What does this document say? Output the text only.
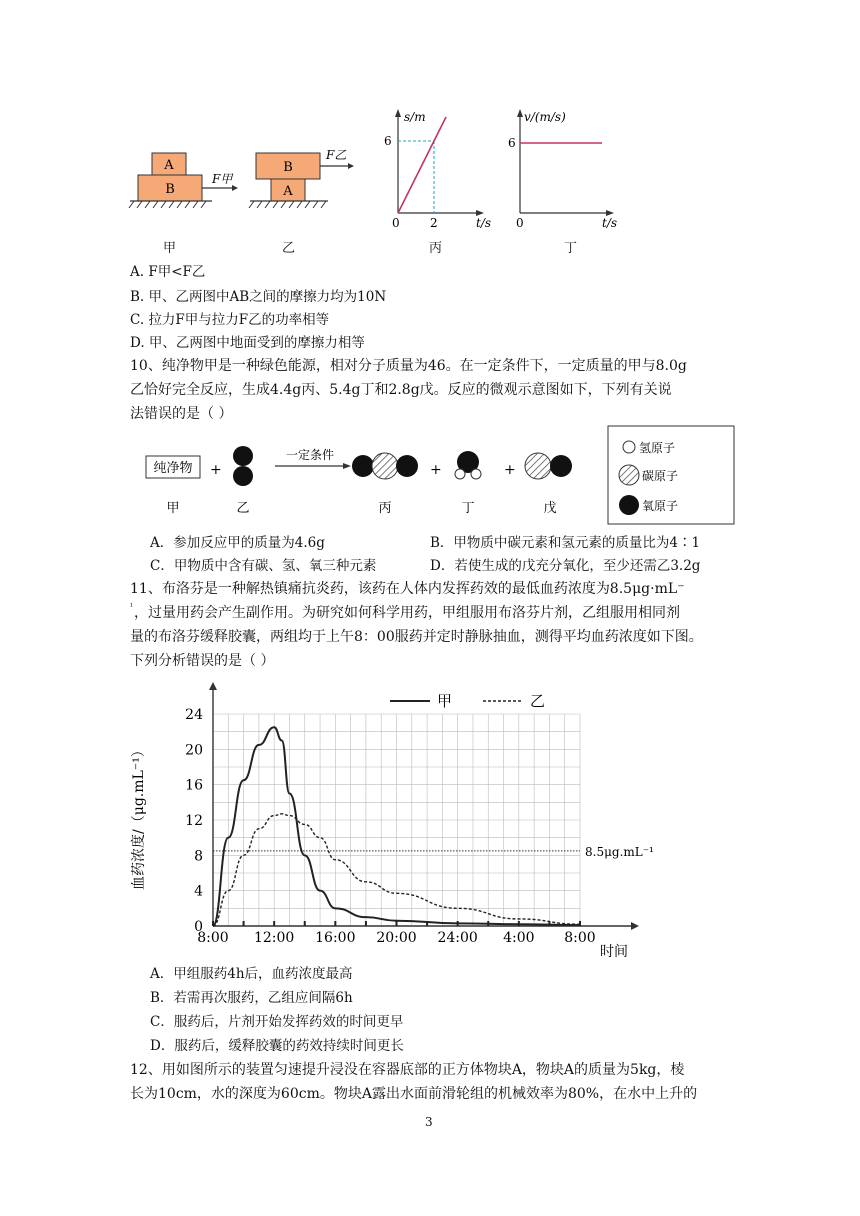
A
B
F甲
B
A
F乙
s/m
t/s
0
6
2
v/(m/s)
t/s
0
6
甲	乙	丙	丁
A. F甲<F乙
B. 甲、乙两图中AB之间的摩擦力均为10N
C. 拉力F甲与拉力F乙的功率相等
D. 甲、乙两图中地面受到的摩擦力相等
10、纯净物甲是一种绿色能源，相对分子质量为46。在一定条件下，一定质量的甲与8.0g
乙恰好完全反应，生成4.4g丙、5.4g丁和2.8g戊。反应的微观示意图如下，下列有关说
法错误的是（ ）
纯净物 +
一定条件
+	+
甲	乙	丙	丁	戊
氢原子
碳原子
氧原子
A．参加反应甲的质量为4.6g	B．甲物质中碳元素和氢元素的质量比为4∶1
C．甲物质中含有碳、氢、氧三种元素	D．若使生成的戊充分氧化，至少还需乙3.2g
11、布洛芬是一种解热镇痛抗炎药，该药在人体内发挥药效的最低血药浓度为8.5μg·mL⁻
¹ ，过量用药会产生副作用。为研究如何科学用药，甲组服用布洛芬片剂，乙组服用相同剂
量的布洛芬缓释胶囊，两组均于上午8：00服药并定时静脉抽血，测得平均血药浓度如下图。
下列分析错误的是（ ）
0
4
8
12
16
20
24
8:00 12:00 16:00 20:00 24:00 4:00 8:00
血药浓度/（μg.mL⁻¹）
时间
8.5μg.mL⁻¹
甲	乙
A．甲组服药4h后，血药浓度最高
B．若需再次服药，乙组应间隔6h
C．服药后，片剂开始发挥药效的时间更早
D．服药后，缓释胶囊的药效持续时间更长
12、用如图所示的装置匀速提升浸没在容器底部的正方体物块A，物块A的质量为5kg，棱
长为10cm，水的深度为60cm。物块A露出水面前滑轮组的机械效率为80%，在水中上升的
3
